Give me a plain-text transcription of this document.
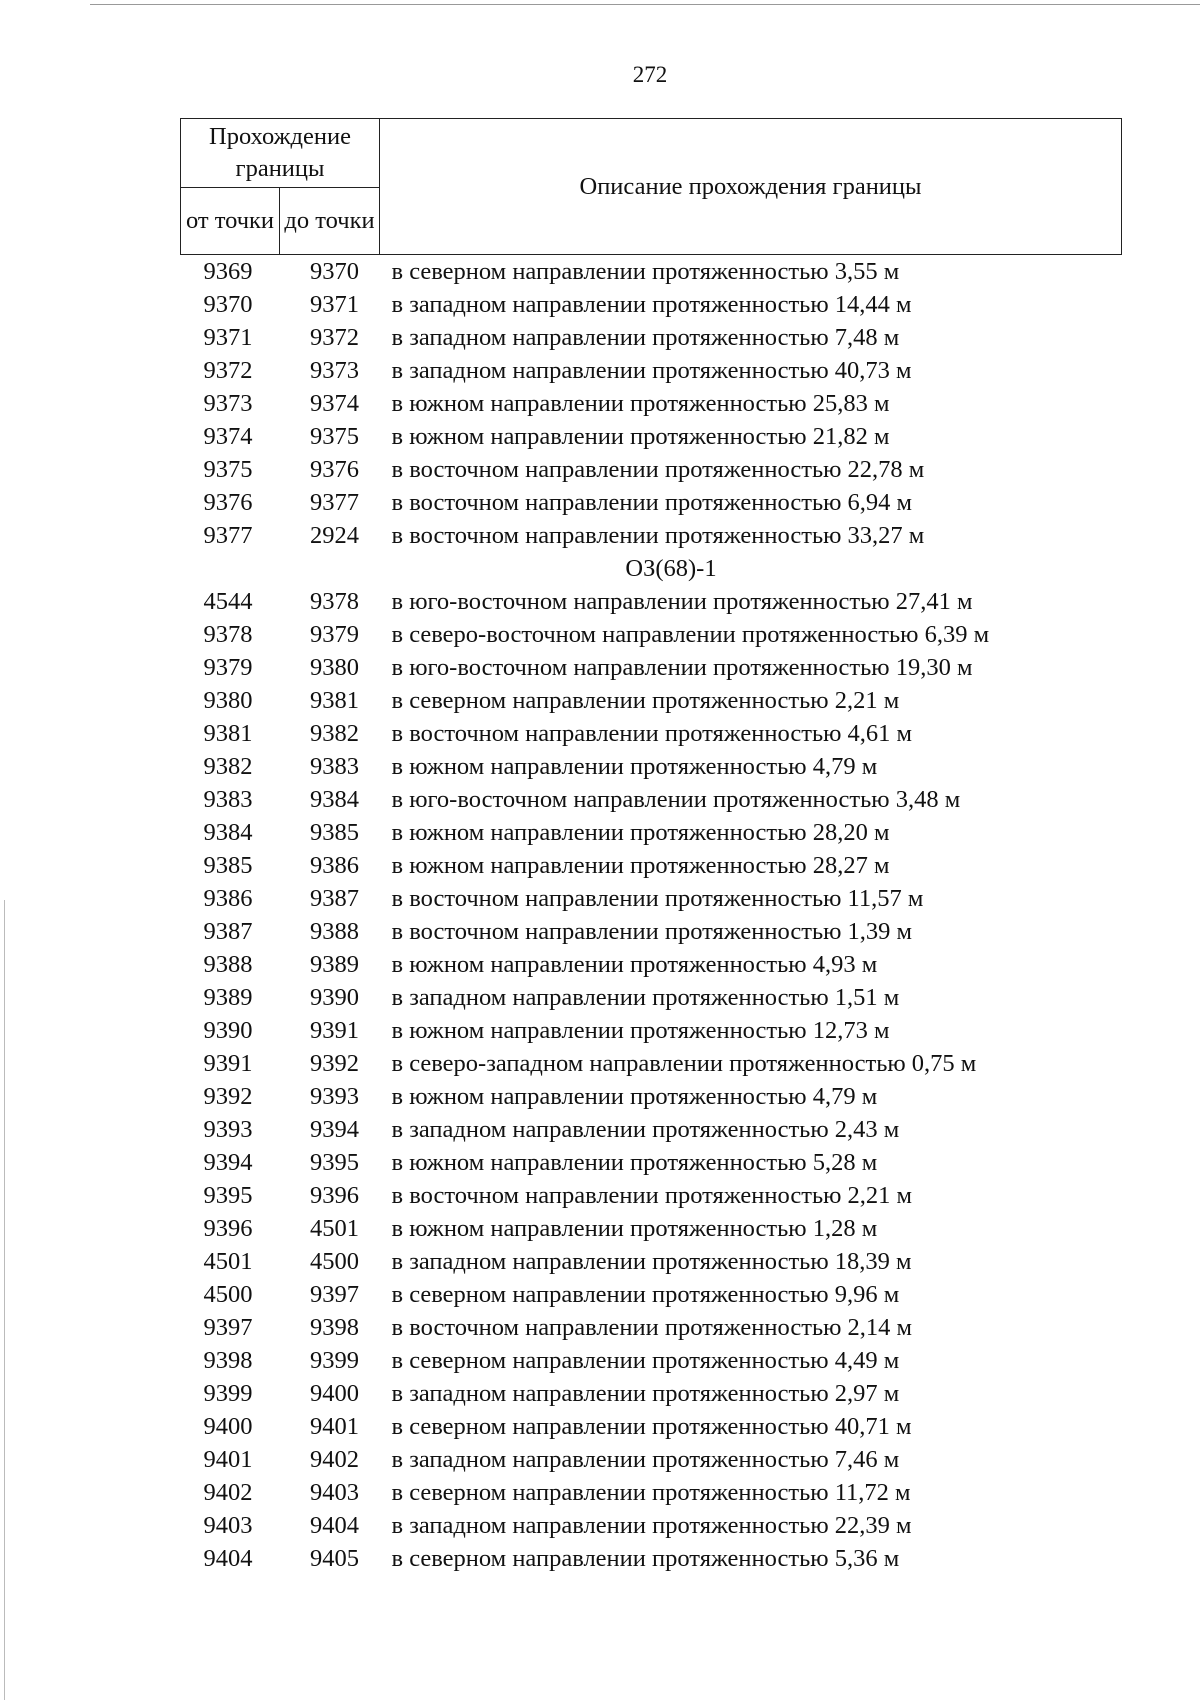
272
Прохождение границы		Описание прохождения границы
от точки	до точки	
9369	9370	в северном направлении протяженностью 3,55 м
9370	9371	в западном направлении протяженностью 14,44 м
9371	9372	в западном направлении протяженностью 7,48 м
9372	9373	в западном направлении протяженностью 40,73 м
9373	9374	в южном направлении протяженностью 25,83 м
9374	9375	в южном направлении протяженностью 21,82 м
9375	9376	в восточном направлении протяженностью 22,78 м
9376	9377	в восточном направлении протяженностью 6,94 м
9377	2924	в восточном направлении протяженностью 33,27 м
ОЗ(68)-1		
4544	9378	в юго-восточном направлении протяженностью 27,41 м
9378	9379	в северо-восточном направлении протяженностью 6,39 м
9379	9380	в юго-восточном направлении протяженностью 19,30 м
9380	9381	в северном направлении протяженностью 2,21 м
9381	9382	в восточном направлении протяженностью 4,61 м
9382	9383	в южном направлении протяженностью 4,79 м
9383	9384	в юго-восточном направлении протяженностью 3,48 м
9384	9385	в южном направлении протяженностью 28,20 м
9385	9386	в южном направлении протяженностью 28,27 м
9386	9387	в восточном направлении протяженностью 11,57 м
9387	9388	в восточном направлении протяженностью 1,39 м
9388	9389	в южном направлении протяженностью 4,93 м
9389	9390	в западном направлении протяженностью 1,51 м
9390	9391	в южном направлении протяженностью 12,73 м
9391	9392	в северо-западном направлении протяженностью 0,75 м
9392	9393	в южном направлении протяженностью 4,79 м
9393	9394	в западном направлении протяженностью 2,43 м
9394	9395	в южном направлении протяженностью 5,28 м
9395	9396	в восточном направлении протяженностью 2,21 м
9396	4501	в южном направлении протяженностью 1,28 м
4501	4500	в западном направлении протяженностью 18,39 м
4500	9397	в северном направлении протяженностью 9,96 м
9397	9398	в восточном направлении протяженностью 2,14 м
9398	9399	в северном направлении протяженностью 4,49 м
9399	9400	в западном направлении протяженностью 2,97 м
9400	9401	в северном направлении протяженностью 40,71 м
9401	9402	в западном направлении протяженностью 7,46 м
9402	9403	в северном направлении протяженностью 11,72 м
9403	9404	в западном направлении протяженностью 22,39 м
9404	9405	в северном направлении протяженностью 5,36 м
